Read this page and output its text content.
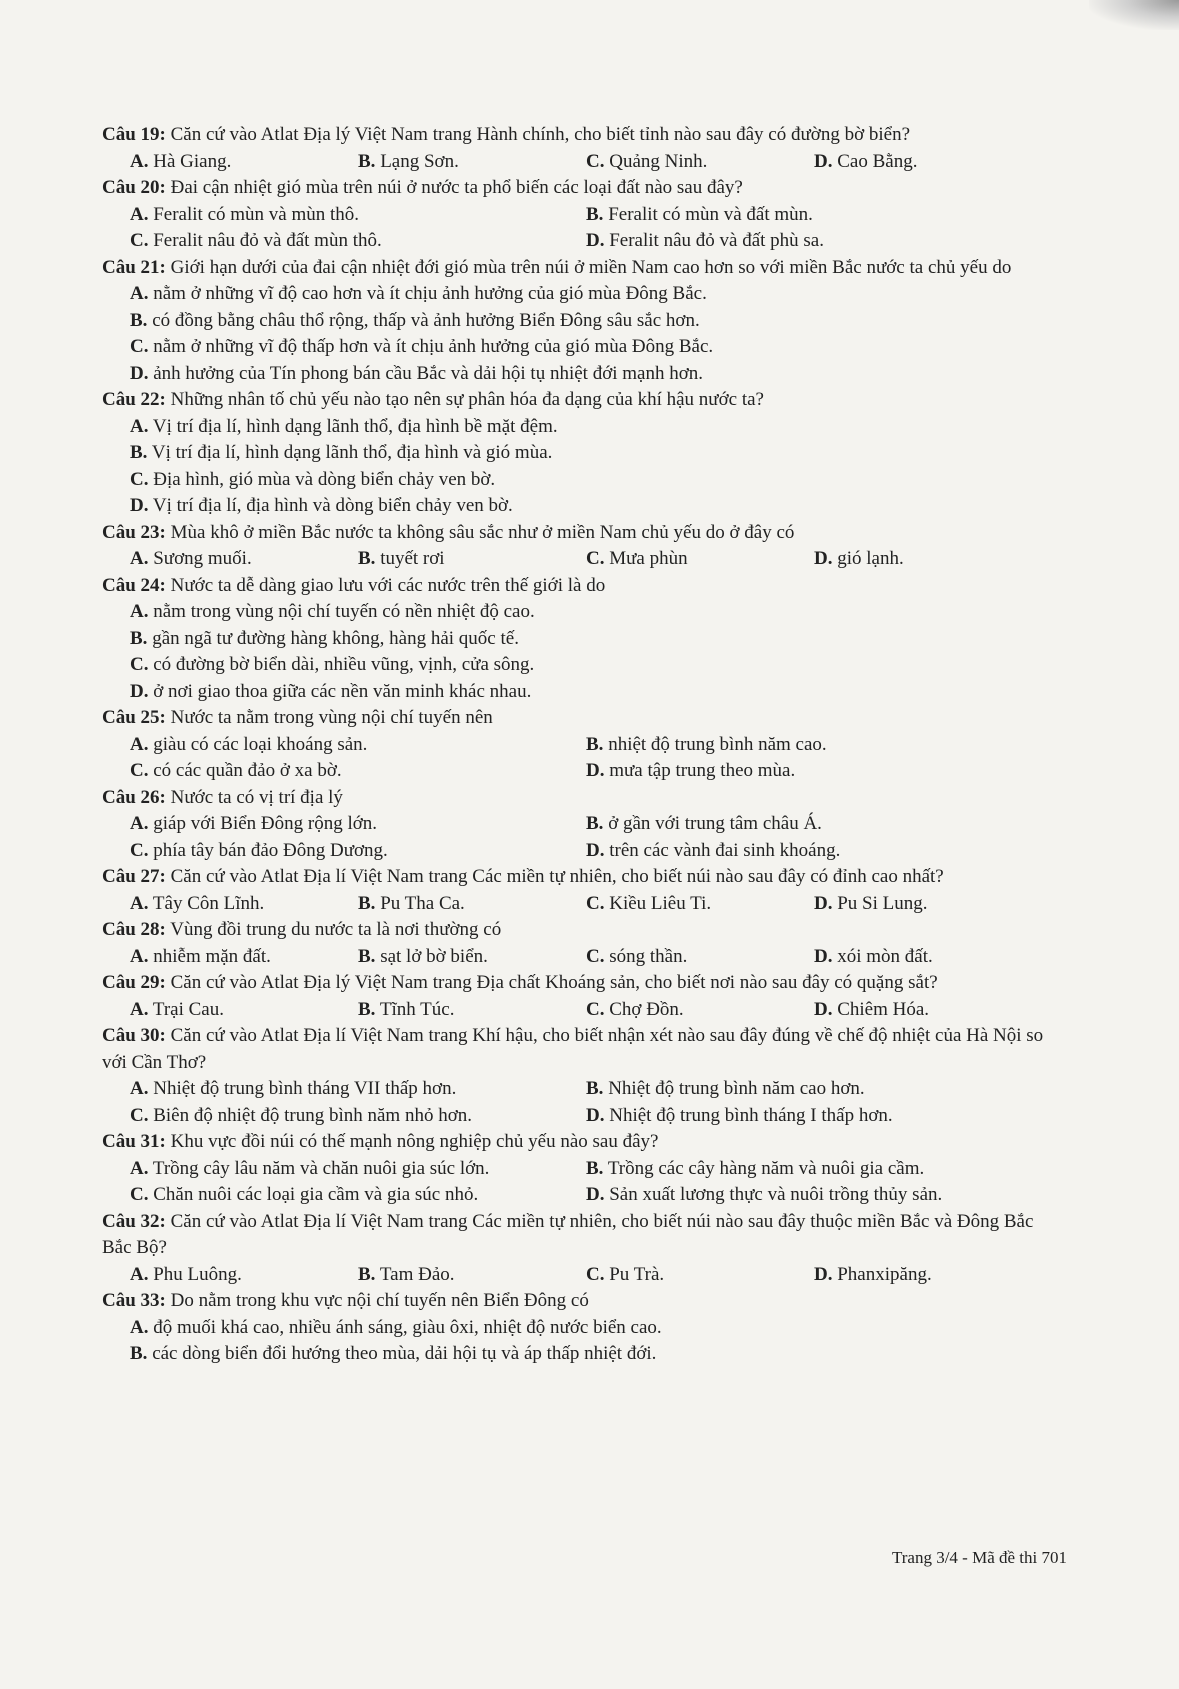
Câu 19: Căn cứ vào Atlat Địa lý Việt Nam trang Hành chính, cho biết tỉnh nào sau đây có đường bờ biển?
A. Hà Giang.	B. Lạng Sơn.	C. Quảng Ninh.	D. Cao Bằng.
Câu 20: Đai cận nhiệt gió mùa trên núi ở nước ta phổ biến các loại đất nào sau đây?
A. Feralit có mùn và mùn thô.	B. Feralit có mùn và đất mùn.
C. Feralit nâu đỏ và đất mùn thô.	D. Feralit nâu đỏ và đất phù sa.
Câu 21: Giới hạn dưới của đai cận nhiệt đới gió mùa trên núi ở miền Nam cao hơn so với miền Bắc nước ta chủ yếu do
A. nằm ở những vĩ độ cao hơn và ít chịu ảnh hưởng của gió mùa Đông Bắc.
B. có đồng bằng châu thổ rộng, thấp và ảnh hưởng Biển Đông sâu sắc hơn.
C. nằm ở những vĩ độ thấp hơn và ít chịu ảnh hưởng của gió mùa Đông Bắc.
D. ảnh hưởng của Tín phong bán cầu Bắc và dải hội tụ nhiệt đới mạnh hơn.
Câu 22: Những nhân tố chủ yếu nào tạo nên sự phân hóa đa dạng của khí hậu nước ta?
A. Vị trí địa lí, hình dạng lãnh thổ, địa hình bề mặt đệm.
B. Vị trí địa lí, hình dạng lãnh thổ, địa hình và gió mùa.
C. Địa hình, gió mùa và dòng biển chảy ven bờ.
D. Vị trí địa lí, địa hình và dòng biển chảy ven bờ.
Câu 23: Mùa khô ở miền Bắc nước ta không sâu sắc như ở miền Nam chủ yếu do ở đây có
A. Sương muối.	B. tuyết rơi	C. Mưa phùn	D. gió lạnh.
Câu 24: Nước ta dễ dàng giao lưu với các nước trên thế giới là do
A. nằm trong vùng nội chí tuyến có nền nhiệt độ cao.
B. gần ngã tư đường hàng không, hàng hải quốc tế.
C. có đường bờ biển dài, nhiều vũng, vịnh, cửa sông.
D. ở nơi giao thoa giữa các nền văn minh khác nhau.
Câu 25: Nước ta nằm trong vùng nội chí tuyến nên
A. giàu có các loại khoáng sản.	B. nhiệt độ trung bình năm cao.
C. có các quần đảo ở xa bờ.	D. mưa tập trung theo mùa.
Câu 26: Nước ta có vị trí địa lý
A. giáp với Biển Đông rộng lớn.	B. ở gần với trung tâm châu Á.
C. phía tây bán đảo Đông Dương.	D. trên các vành đai sinh khoáng.
Câu 27: Căn cứ vào Atlat Địa lí Việt Nam trang Các miền tự nhiên, cho biết núi nào sau đây có đỉnh cao nhất?
A. Tây Côn Lĩnh.	B. Pu Tha Ca.	C. Kiều Liêu Ti.	D. Pu Si Lung.
Câu 28: Vùng đồi trung du nước ta là nơi thường có
A. nhiễm mặn đất.	B. sạt lở bờ biển.	C. sóng thần.	D. xói mòn đất.
Câu 29: Căn cứ vào Atlat Địa lý Việt Nam trang Địa chất Khoáng sản, cho biết nơi nào sau đây có quặng sắt?
A. Trại Cau.	B. Tĩnh Túc.	C. Chợ Đồn.	D. Chiêm Hóa.
Câu 30: Căn cứ vào Atlat Địa lí Việt Nam trang Khí hậu, cho biết nhận xét nào sau đây đúng về chế độ nhiệt của Hà Nội so với Cần Thơ?
A. Nhiệt độ trung bình tháng VII thấp hơn.	B. Nhiệt độ trung bình năm cao hơn.
C. Biên độ nhiệt độ trung bình năm nhỏ hơn.	D. Nhiệt độ trung bình tháng I thấp hơn.
Câu 31: Khu vực đồi núi có thế mạnh nông nghiệp chủ yếu nào sau đây?
A. Trồng cây lâu năm và chăn nuôi gia súc lớn.	B. Trồng các cây hàng năm và nuôi gia cầm.
C. Chăn nuôi các loại gia cầm và gia súc nhỏ.	D. Sản xuất lương thực và nuôi trồng thủy sản.
Câu 32: Căn cứ vào Atlat Địa lí Việt Nam trang Các miền tự nhiên, cho biết núi nào sau đây thuộc miền Bắc và Đông Bắc Bắc Bộ?
A. Phu Luông.	B. Tam Đảo.	C. Pu Trà.	D. Phanxipăng.
Câu 33: Do nằm trong khu vực nội chí tuyến nên Biển Đông có
A. độ muối khá cao, nhiều ánh sáng, giàu ôxi, nhiệt độ nước biển cao.
B. các dòng biển đổi hướng theo mùa, dải hội tụ và áp thấp nhiệt đới.
Trang 3/4 - Mã đề thi 701
